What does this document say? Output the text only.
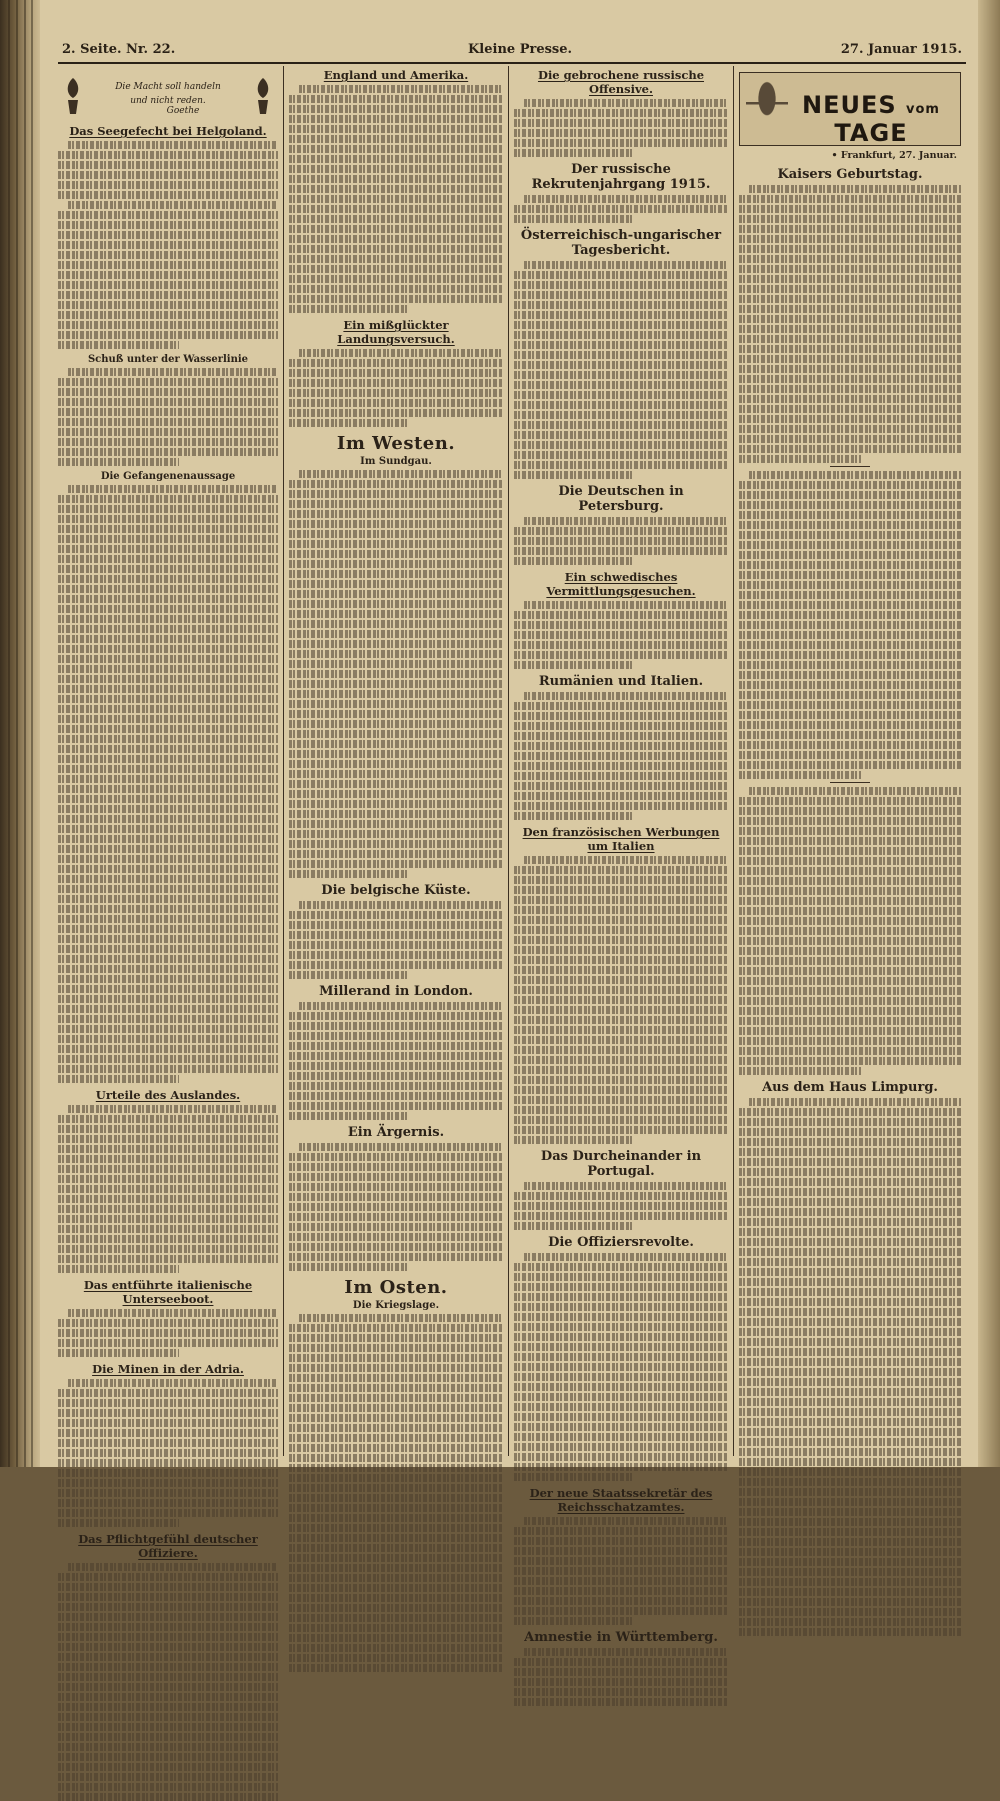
2. Seite. Nr. 22.	Kleine Presse.	27. Januar 1915.
Die Macht soll handeln
und nicht reden. Goethe
Das Seegefecht bei Helgoland.
Schuß unter der Wasserlinie
Die Gefangenenaussage
Urteile des Auslandes.
Das entführte italienische Unterseeboot.
Die Minen in der Adria.
Das Pflichtgefühl deutscher Offiziere.
England und Amerika.
Ein mißglückter Landungsversuch.
Im Westen.
Im Sundgau.
Die belgische Küste.
Millerand in London.
Ein Ärgernis.
Im Osten.
Die Kriegslage.
Die gebrochene russische Offensive.
Der russische Rekrutenjahrgang 1915.
Österreichisch-ungarischer Tagesbericht.
Die Deutschen in Petersburg.
Ein schwedisches Vermittlungsgesuchen.
Rumänien und Italien.
Den französischen Werbungen um Italien
Das Durcheinander in Portugal.
Die Offiziersrevolte.
Der neue Staatssekretär des Reichsschatzamtes.
Amnestie in Württemberg.
NEUES vom TAGE
• Frankfurt, 27. Januar.
Kaisers Geburtstag.
Aus dem Haus Limpurg.
